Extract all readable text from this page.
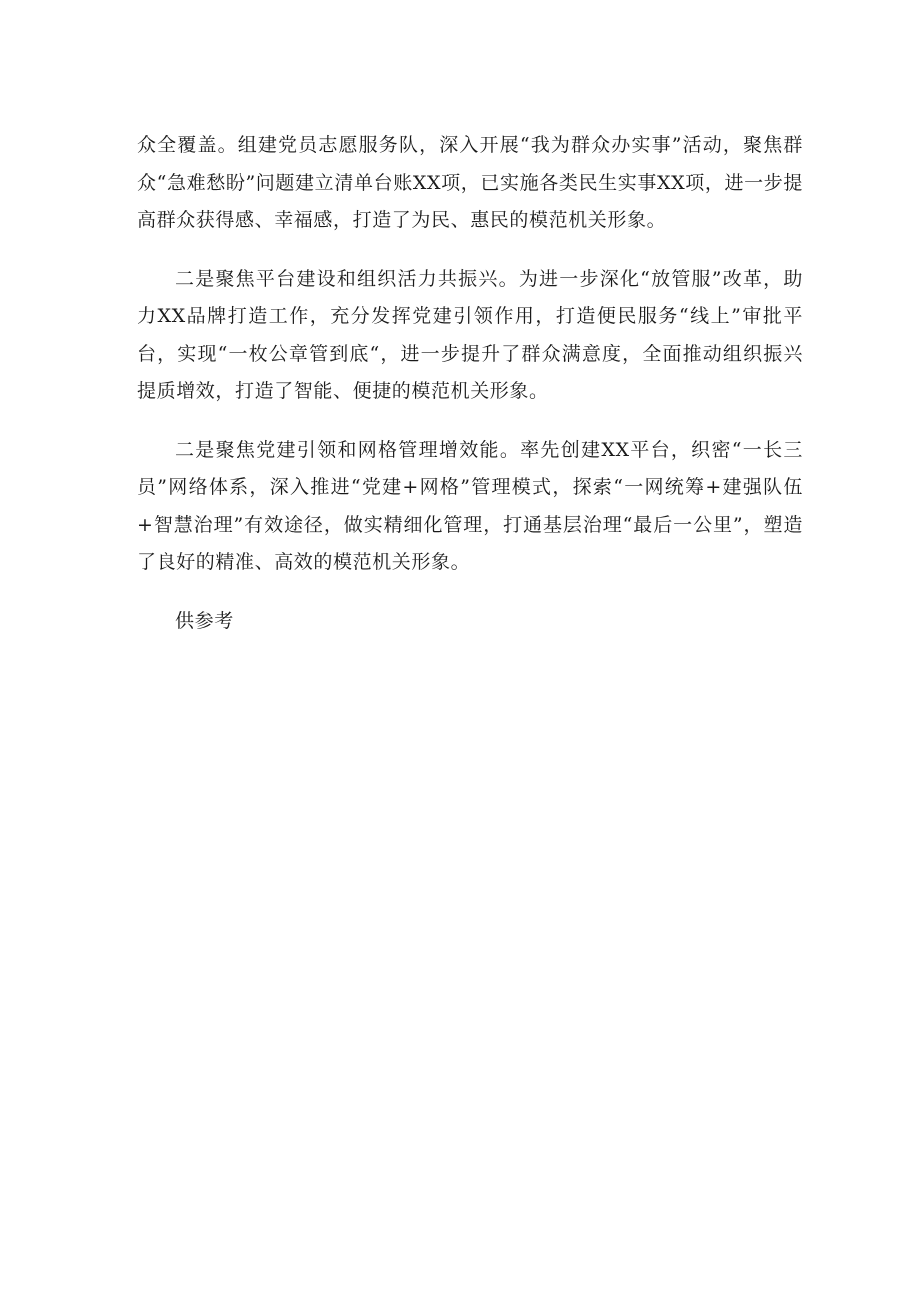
众全覆盖。组建党员志愿服务队，深入开展“我为群众办实事”活动，聚焦群众“急难愁盼”问题建立清单台账XX项，已实施各类民生实事XX项，进一步提高群众获得感、幸福感，打造了为民、惠民的模范机关形象。

二是聚焦平台建设和组织活力共振兴。为进一步深化“放管服”改革，助力XX品牌打造工作，充分发挥党建引领作用，打造便民服务“线上”审批平台，实现“一枚公章管到底“，进一步提升了群众满意度，全面推动组织振兴提质增效，打造了智能、便捷的模范机关形象。

二是聚焦党建引领和网格管理增效能。率先创建XX平台，织密“一长三员”网络体系，深入推进“党建+网格”管理模式，探索“一网统筹+建强队伍+智慧治理”有效途径，做实精细化管理，打通基层治理“最后一公里”，塑造了良好的精准、高效的模范机关形象。

供参考
